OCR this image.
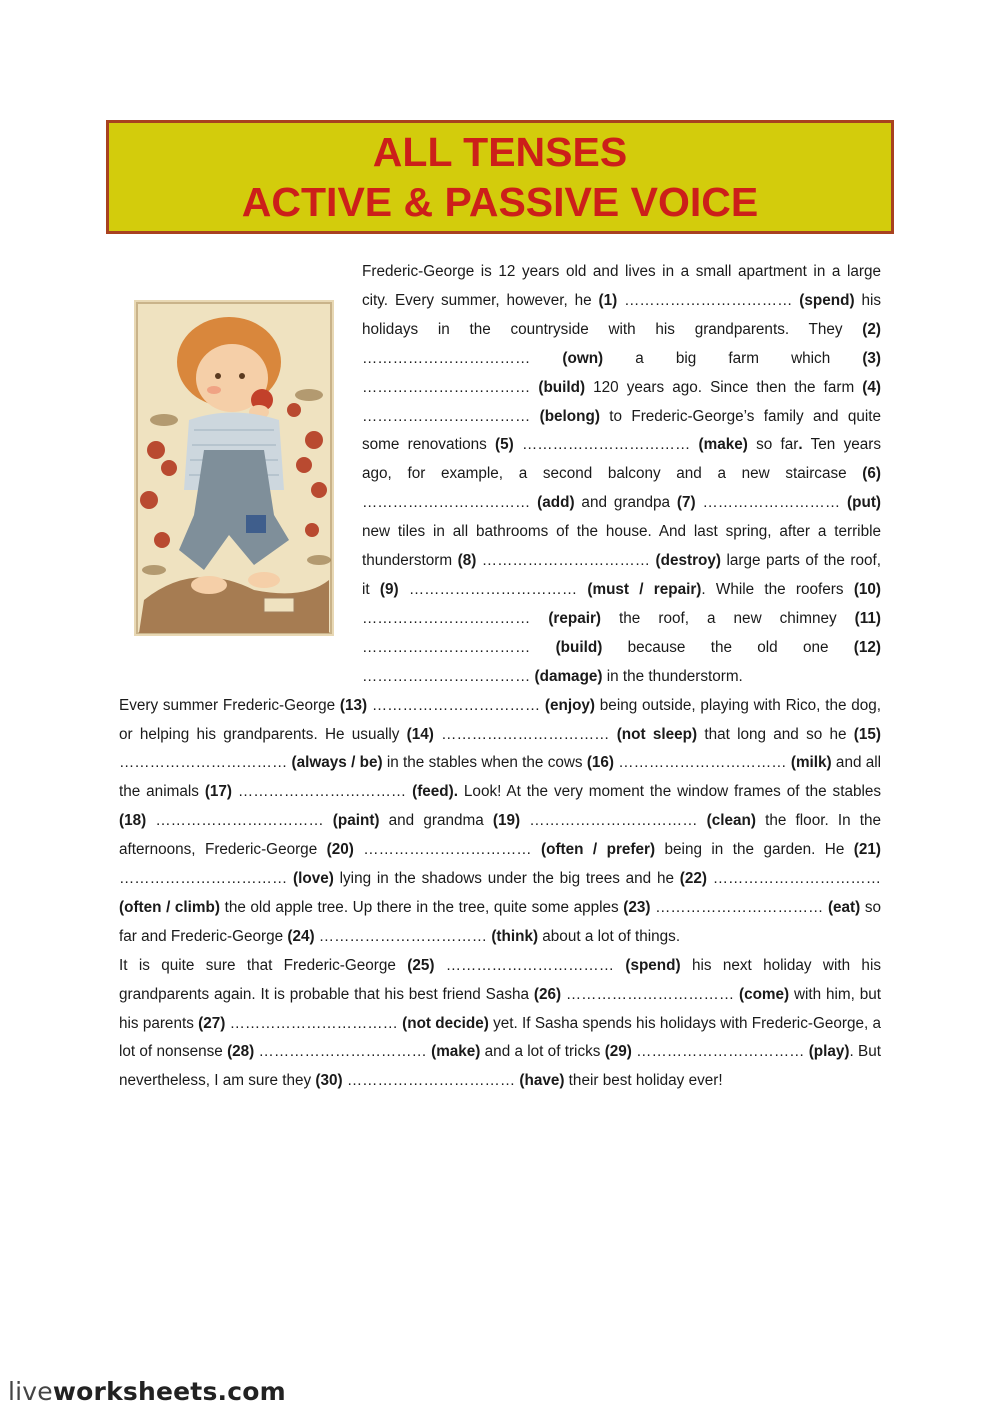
ALL TENSES
ACTIVE & PASSIVE VOICE

Frederic-George is 12 years old and lives in a small apartment in a large city. Every summer, however, he (1) …………………………… (spend) his holidays in the countryside with his grandparents. They (2) …………………………… (own) a big farm which (3) …………………………… (build) 120 years ago. Since then the farm (4) …………………………… (belong) to Frederic-George’s family and quite some renovations (5) …………………………… (make) so far. Ten years ago, for example, a second balcony and a new staircase (6) …………………………… (add) and grandpa (7) ……………………… (put) new tiles in all bathrooms of the house. And last spring, after a terrible thunderstorm (8) …………………………… (destroy) large parts of the roof, it (9) …………………………… (must / repair). While the roofers (10) …………………………… (repair) the roof, a new chimney (11) …………………………… (build) because the old one (12) …………………………… (damage) in the thunderstorm.

Every summer Frederic-George (13) …………………………… (enjoy) being outside, playing with Rico, the dog, or helping his grandparents. He usually (14) …………………………… (not sleep) that long and so he (15) …………………………… (always / be) in the stables when the cows (16) …………………………… (milk) and all the animals (17) …………………………… (feed). Look! At the very moment the window frames of the stables (18) …………………………… (paint) and grandma (19) …………………………… (clean) the floor. In the afternoons, Frederic-George (20) …………………………… (often / prefer) being in the garden. He (21) …………………………… (love) lying in the shadows under the big trees and he (22) …………………………… (often / climb) the old apple tree. Up there in the tree, quite some apples (23) …………………………… (eat) so far and Frederic-George (24) …………………………… (think) about a lot of things.

It is quite sure that Frederic-George (25) …………………………… (spend) his next holiday with his grandparents again. It is probable that his best friend Sasha (26) …………………………… (come) with him, but his parents (27) …………………………… (not decide) yet. If Sasha spends his holidays with Frederic-George, a lot of nonsense (28) …………………………… (make) and a lot of tricks (29) …………………………… (play). But nevertheless, I am sure they (30) …………………………… (have) their best holiday ever!

liveworksheets.com
